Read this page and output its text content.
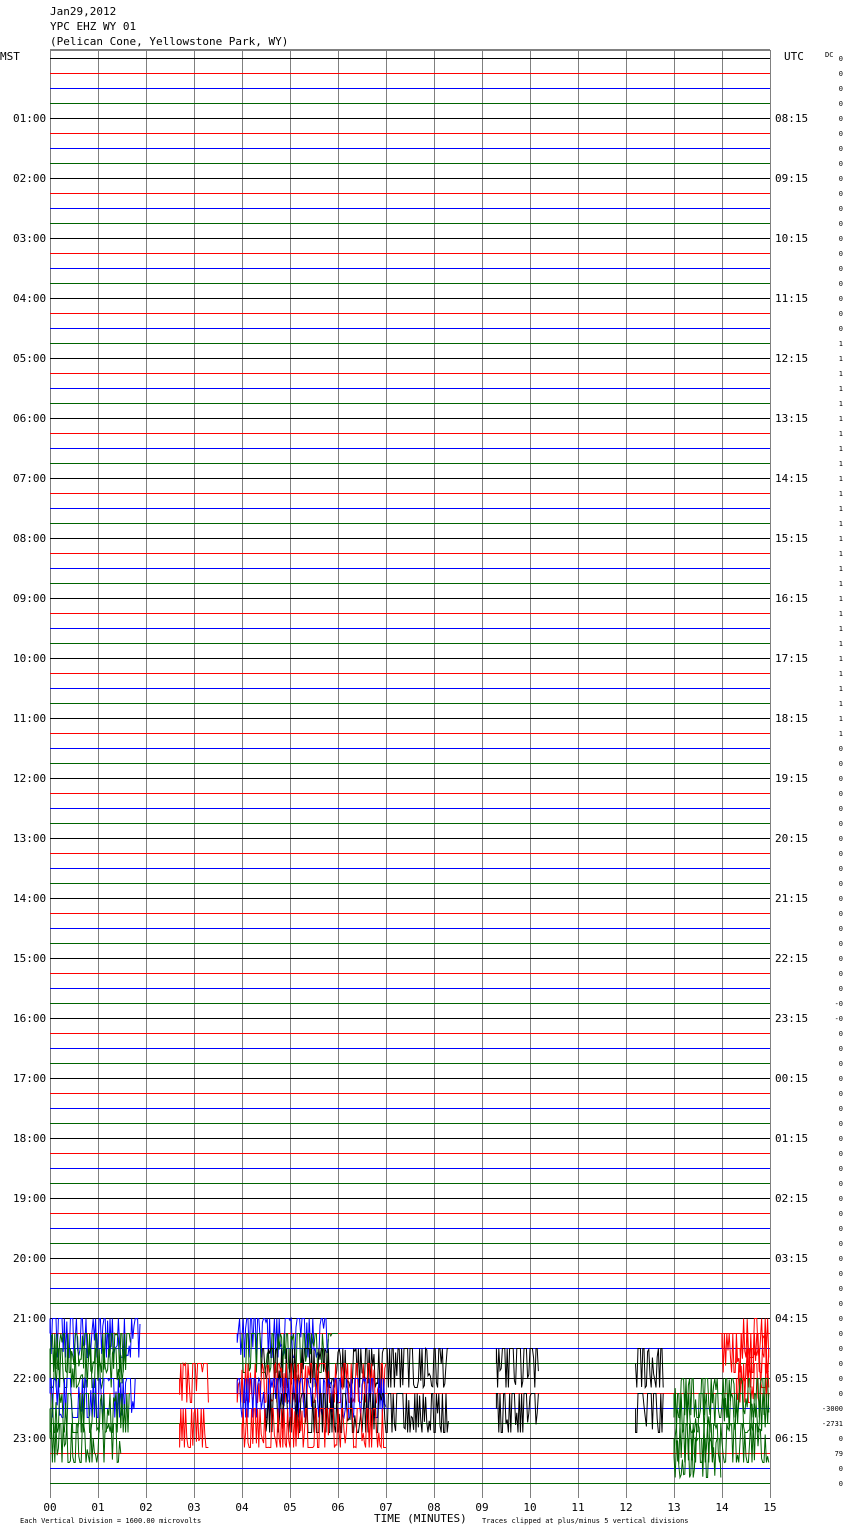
Jan29,2012
YPC EHZ WY 01
(Pelican Cone, Yellowstone Park, WY)
MST	UTC	DC
TIME (MINUTES)
Each Vertical Division = 1600.00 microvolts	Traces clipped at plus/minus 5 vertical divisions
00	01	02	03	04	05	06	07	08	09	10	11	12	13	14	15
01:00
02:00
03:00
04:00
05:00
06:00
07:00
08:00
09:00
10:00
11:00
12:00
13:00
14:00
15:00
16:00
17:00
18:00
19:00
20:00
21:00
22:00
23:00
08:15
09:15
10:15
11:15
12:15
13:15
14:15
15:15
16:15
17:15
18:15
19:15
20:15
21:15
22:15
23:15
00:15
01:15
02:15
03:15
04:15
05:15
06:15
0
0
0
0
0
0
0
0
0
0
0
0
0
0
0
0
0
0
0
1
1
1
1
1
1
1
1
1
1
1
1
1
1
1
1
1
1
1
1
1
1
1
1
1
1
1
0
0
0
0
0
0
0
0
0
0
0
0
0
0
0
0
0
-0
-0
0
0
0
0
0
0
0
0
0
0
0
0
0
0
0
0
0
0
0
0
0
0
0
0
0
-3000
-2731
0
79
0
0
